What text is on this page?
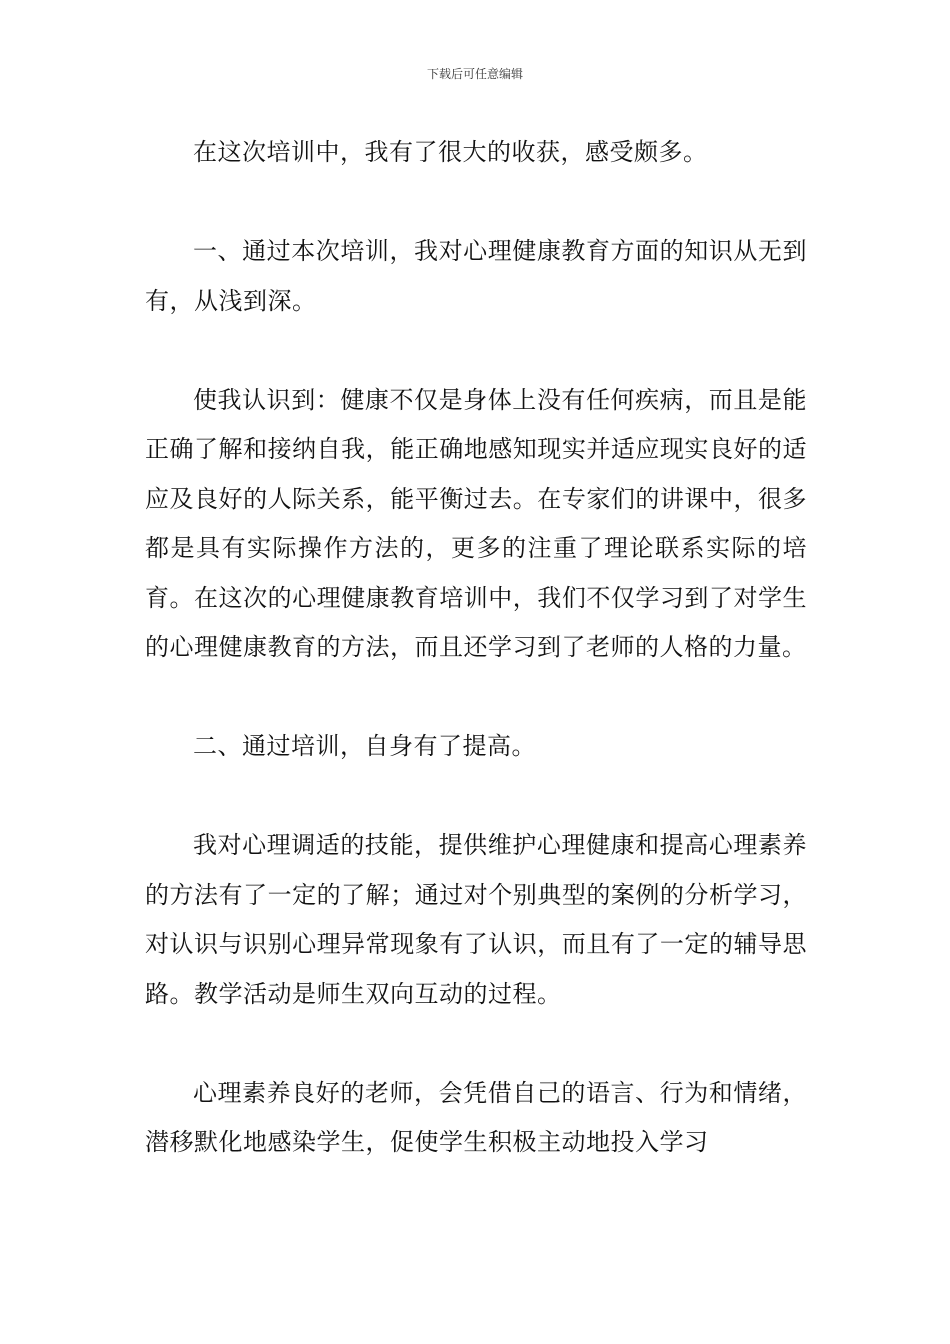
下载后可任意编辑

在这次培训中，我有了很大的收获，感受颇多。

一、通过本次培训，我对心理健康教育方面的知识从无到有，从浅到深。

使我认识到：健康不仅是身体上没有任何疾病，而且是能正确了解和接纳自我，能正确地感知现实并适应现实良好的适应及良好的人际关系，能平衡过去。在专家们的讲课中，很多都是具有实际操作方法的，更多的注重了理论联系实际的培育。在这次的心理健康教育培训中，我们不仅学习到了对学生的心理健康教育的方法，而且还学习到了老师的人格的力量。

二、通过培训，自身有了提高。

我对心理调适的技能，提供维护心理健康和提高心理素养的方法有了一定的了解；通过对个别典型的案例的分析学习，对认识与识别心理异常现象有了认识，而且有了一定的辅导思路。教学活动是师生双向互动的过程。

心理素养良好的老师，会凭借自己的语言、行为和情绪，潜移默化地感染学生，促使学生积极主动地投入学习
